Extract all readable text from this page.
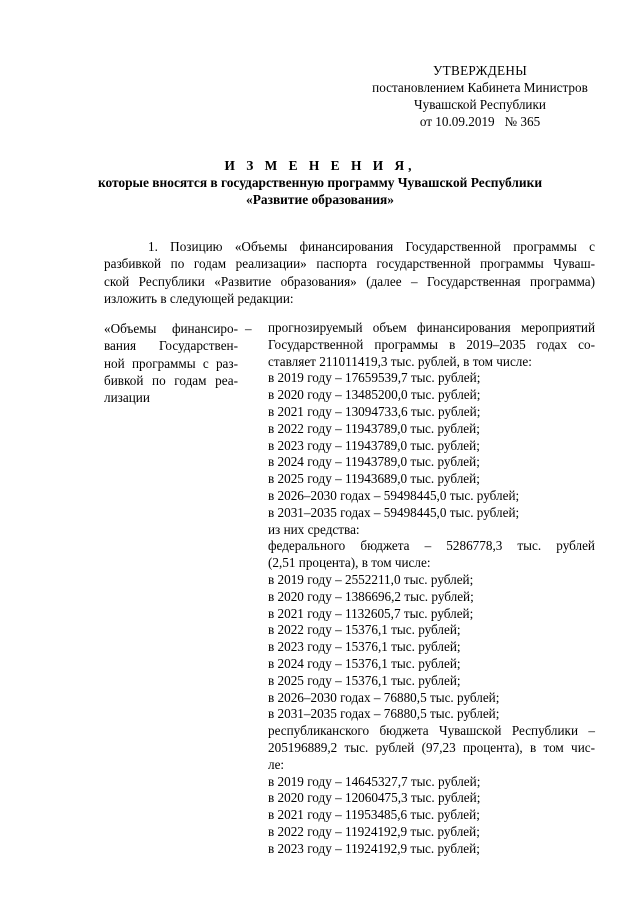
УТВЕРЖДЕНЫ
постановлением Кабинета Министров
Чувашской Республики
от 10.09.2019   № 365
И З М Е Н Е Н И Я,
которые вносятся в государственную программу Чувашской Республики
«Развитие образования»
1. Позицию «Объемы финансирования Государственной программы с
разбивкой по годам реализации» паспорта государственной программы Чуваш-
ской Республики «Развитие образования» (далее – Государственная программа)
изложить в следующей редакции:
«Объемы финансиро-
вания Государствен-
ной программы с раз-
бивкой по годам реа-
лизации
– прогнозируемый объем финансирования мероприятий
Государственной программы в 2019–2035 годах со-
ставляет 211011419,3 тыс. рублей, в том числе:
в 2019 году – 17659539,7 тыс. рублей;
в 2020 году – 13485200,0 тыс. рублей;
в 2021 году – 13094733,6 тыс. рублей;
в 2022 году – 11943789,0 тыс. рублей;
в 2023 году – 11943789,0 тыс. рублей;
в 2024 году – 11943789,0 тыс. рублей;
в 2025 году – 11943689,0 тыс. рублей;
в 2026–2030 годах – 59498445,0 тыс. рублей;
в 2031–2035 годах – 59498445,0 тыс. рублей;
из них средства:
федерального бюджета – 5286778,3 тыс. рублей
(2,51 процента), в том числе:
в 2019 году – 2552211,0 тыс. рублей;
в 2020 году – 1386696,2 тыс. рублей;
в 2021 году – 1132605,7 тыс. рублей;
в 2022 году – 15376,1 тыс. рублей;
в 2023 году – 15376,1 тыс. рублей;
в 2024 году – 15376,1 тыс. рублей;
в 2025 году – 15376,1 тыс. рублей;
в 2026–2030 годах – 76880,5 тыс. рублей;
в 2031–2035 годах – 76880,5 тыс. рублей;
республиканского бюджета Чувашской Республики –
205196889,2 тыс. рублей (97,23 процента), в том чис-
ле:
в 2019 году – 14645327,7 тыс. рублей;
в 2020 году – 12060475,3 тыс. рублей;
в 2021 году – 11953485,6 тыс. рублей;
в 2022 году – 11924192,9 тыс. рублей;
в 2023 году – 11924192,9 тыс. рублей;
